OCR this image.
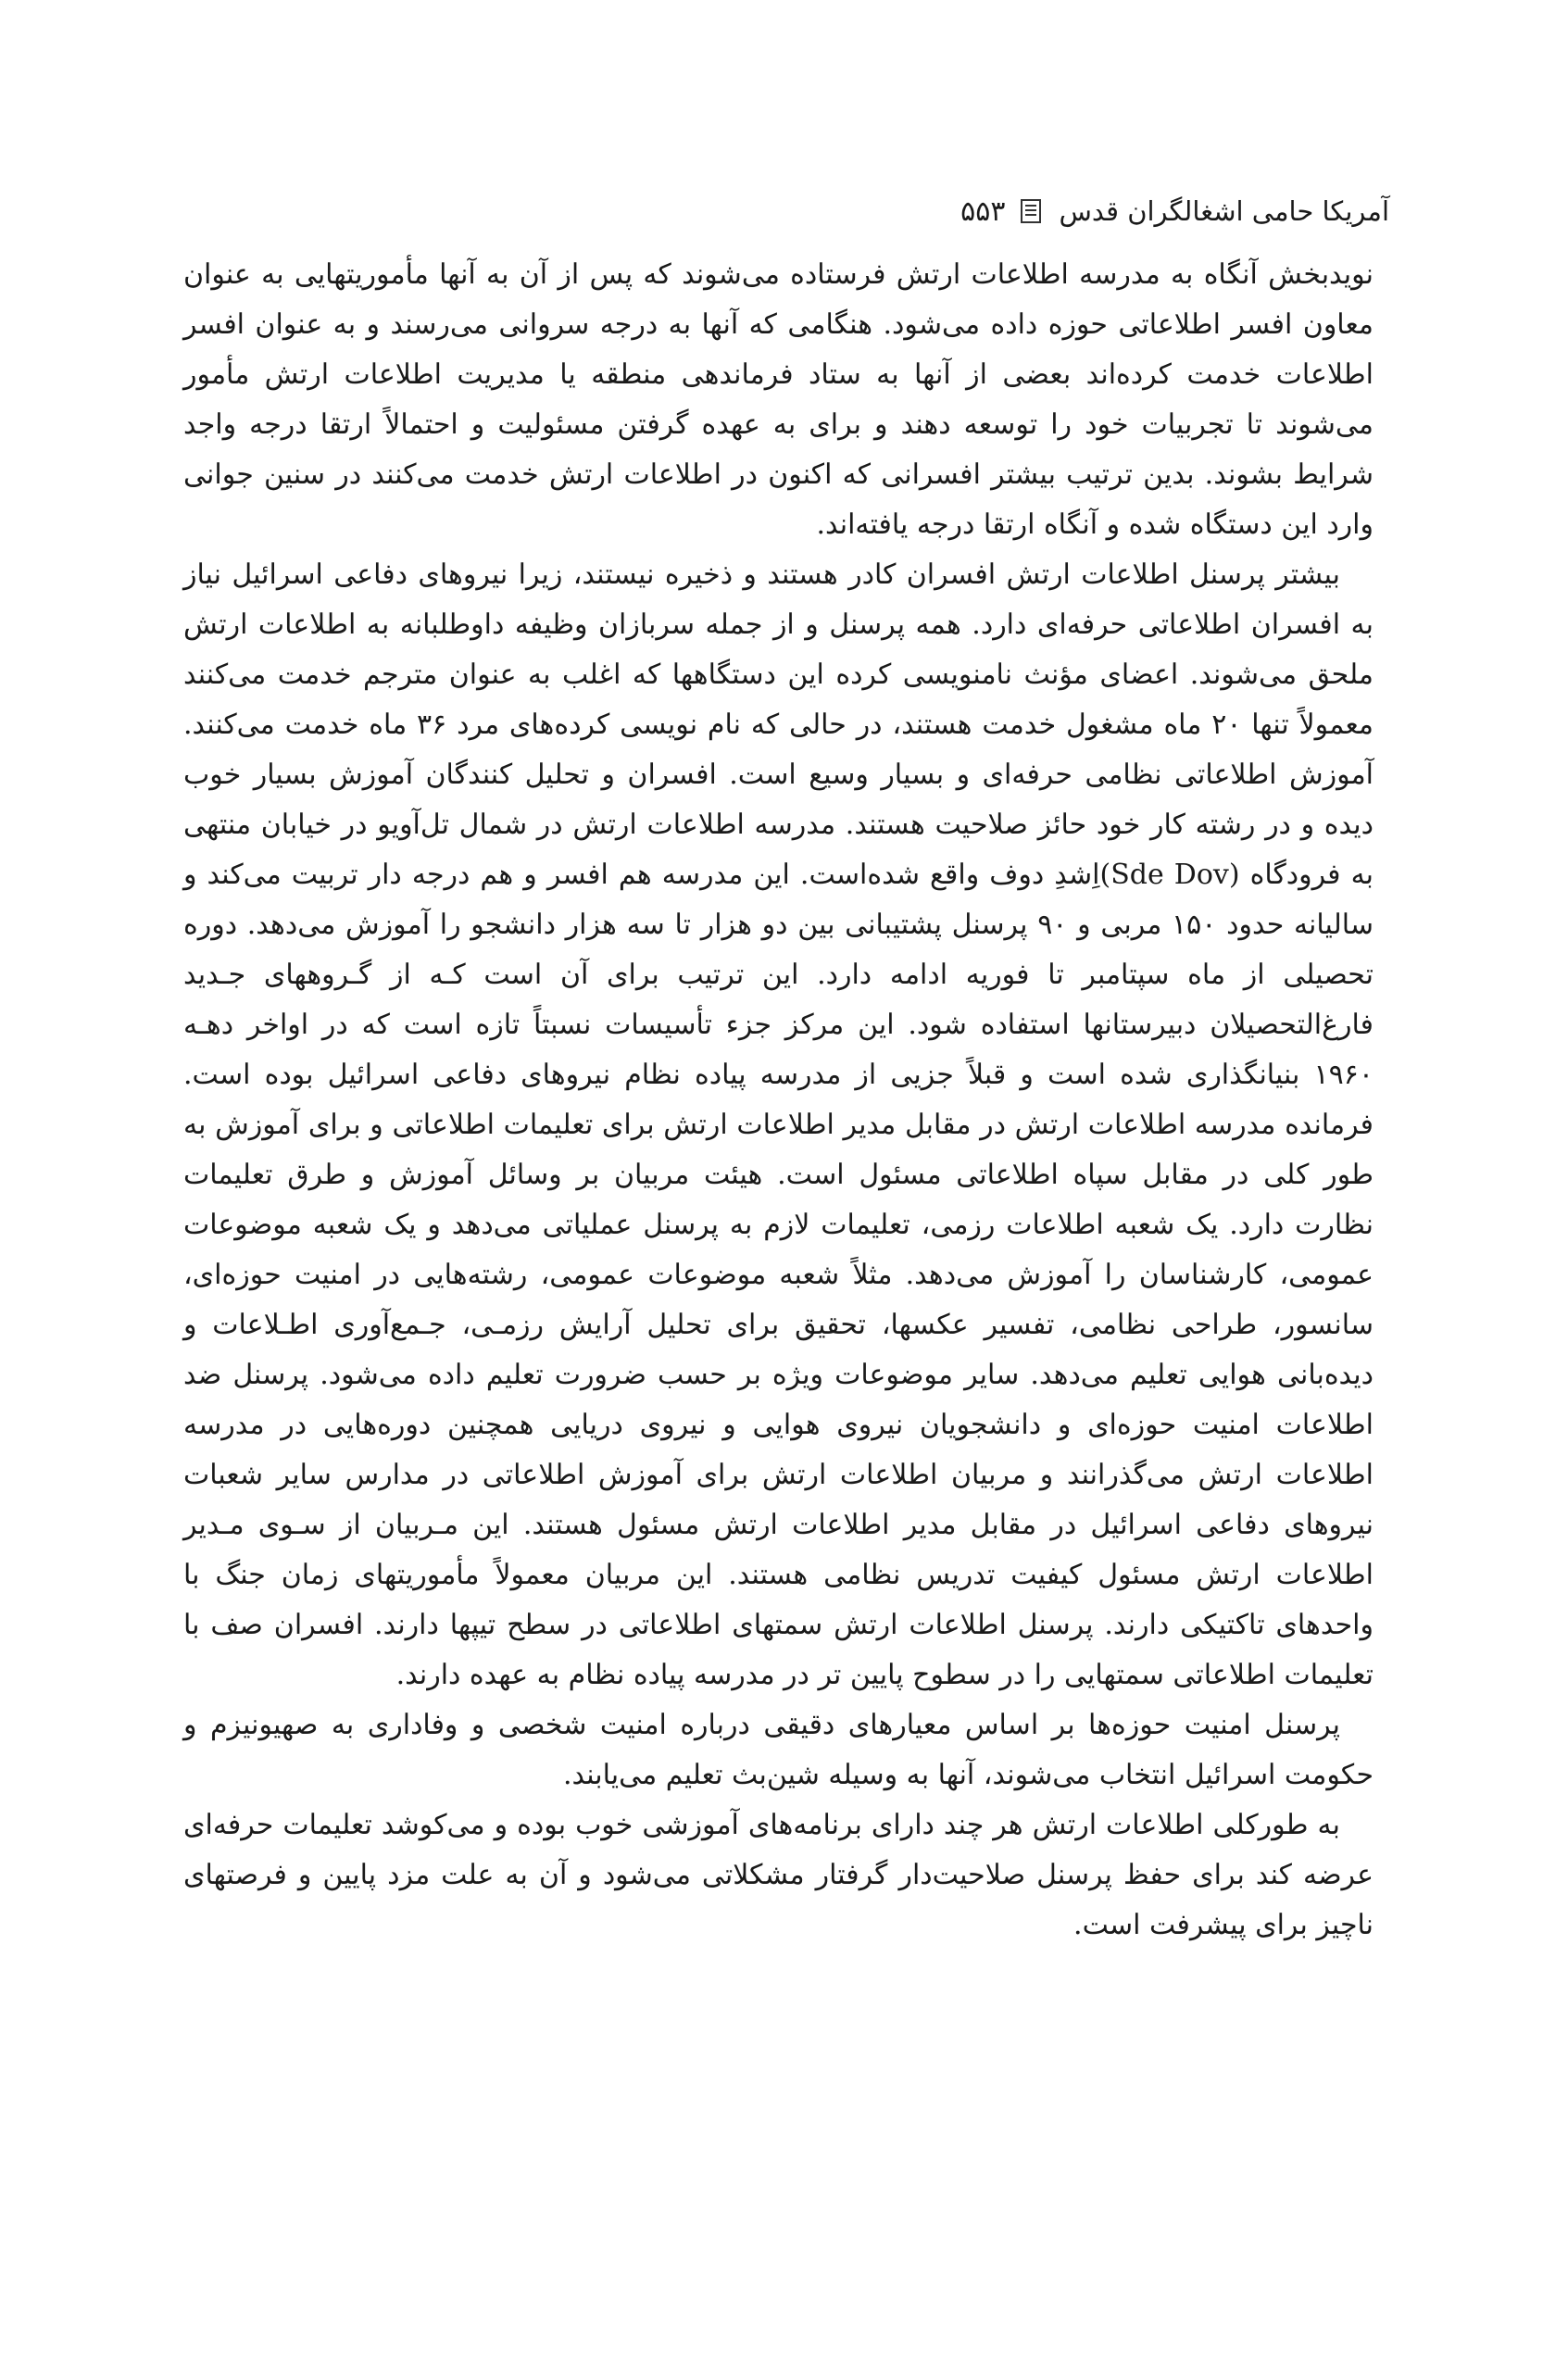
آمریکا حامی اشغالگران قدس
۵۵۳

نویدبخش آنگاه به مدرسه اطلاعات ارتش فرستاده می‌شوند که پس از آن به آنها مأموریتهایی به عنوان معاون افسر اطلاعاتی حوزه داده می‌شود. هنگامی که آنها به درجه سروانی می‌رسند و به عنوان افسر اطلاعات خدمت کرده‌اند بعضی از آنها به ستاد فرماندهی منطقه یا مدیریت اطلاعات ارتش مأمور می‌شوند تا تجربیات خود را توسعه دهند و برای به عهده گرفتن مسئولیت و احتمالاً ارتقا درجه واجد شرایط بشوند. بدین ترتیب بیشتر افسرانی که اکنون در اطلاعات ارتش خدمت می‌کنند در سنین جوانی وارد این دستگاه شده و آنگاه ارتقا درجه یافته‌اند.

بیشتر پرسنل اطلاعات ارتش افسران کادر هستند و ذخیره نیستند، زیرا نیروهای دفاعی اسرائیل نیاز به افسران اطلاعاتی حرفه‌ای دارد. همه پرسنل و از جمله سربازان وظیفه داوطلبانه به اطلاعات ارتش ملحق می‌شوند. اعضای مؤنث نامنویسی کرده این دستگاهها که اغلب به عنوان مترجم خدمت می‌کنند معمولاً تنها ۲۰ ماه مشغول خدمت هستند، در حالی که نام نویسی کرده‌های مرد ۳۶ ماه خدمت می‌کنند. آموزش اطلاعاتی نظامی حرفه‌ای و بسیار وسیع است. افسران و تحلیل کنندگان آموزش بسیار خوب دیده و در رشته کار خود حائز صلاحیت هستند. مدرسه اطلاعات ارتش در شمال تل‌آویو در خیابان منتهی به فرودگاه (Sde Dov)اِشدِ دوف واقع شده‌است. این مدرسه هم افسر و هم درجه دار تربیت می‌کند و سالیانه حدود ۱۵۰ مربی و ۹۰ پرسنل پشتیبانی بین دو هزار تا سه هزار دانشجو را آموزش می‌دهد. دوره تحصیلی از ماه سپتامبر تا فوریه ادامه دارد. این ترتیب برای آن است کـه از گـروههای جـدید فارغ‌التحصیلان دبیرستانها استفاده شود. این مرکز جزء تأسیسات نسبتاً تازه است که در اواخر دهـه ۱۹۶۰ بنیانگذاری شده است و قبلاً جزیی از مدرسه پیاده نظام نیروهای دفاعی اسرائیل بوده است. فرمانده مدرسه اطلاعات ارتش در مقابل مدیر اطلاعات ارتش برای تعلیمات اطلاعاتی و برای آموزش به طور کلی در مقابل سپاه اطلاعاتی مسئول است. هیئت مربیان بر وسائل آموزش و طرق تعلیمات نظارت دارد. یک شعبه اطلاعات رزمی، تعلیمات لازم به پرسنل عملیاتی می‌دهد و یک شعبه موضوعات عمومی، کارشناسان را آموزش می‌دهد. مثلاً شعبه موضوعات عمومی، رشته‌هایی در امنیت حوزه‌ای، سانسور، طراحی نظامی، تفسیر عکسها، تحقیق برای تحلیل آرایش رزمـی، جـمع‌آوری اطـلاعات و دیده‌بانی هوایی تعلیم می‌دهد. سایر موضوعات ویژه بر حسب ضرورت تعلیم داده می‌شود. پرسنل ضد اطلاعات امنیت حوزه‌ای و دانشجویان نیروی هوایی و نیروی دریایی همچنین دوره‌هایی در مدرسه اطلاعات ارتش می‌گذرانند و مربیان اطلاعات ارتش برای آموزش اطلاعاتی در مدارس سایر شعبات نیروهای دفاعی اسرائیل در مقابل مدیر اطلاعات ارتش مسئول هستند. این مـربیان از سـوی مـدیر اطلاعات ارتش مسئول کیفیت تدریس نظامی هستند. این مربیان معمولاً مأموریتهای زمان جنگ با واحدهای تاکتیکی دارند. پرسنل اطلاعات ارتش سمتهای اطلاعاتی در سطح تیپها دارند. افسران صف با تعلیمات اطلاعاتی سمتهایی را در سطوح پایین تر در مدرسه پیاده نظام به عهده دارند.

پرسنل امنیت حوزه‌ها بر اساس معیارهای دقیقی درباره امنیت شخصی و وفاداری به صهیونیزم و حکومت اسرائیل انتخاب می‌شوند، آنها به وسیله شین‌بث تعلیم می‌یابند.

به طورکلی اطلاعات ارتش هر چند دارای برنامه‌های آموزشی خوب بوده و می‌کوشد تعلیمات حرفه‌ای عرضه کند برای حفظ پرسنل صلاحیت‌دار گرفتار مشکلاتی می‌شود و آن به علت مزد پایین و فرصتهای ناچیز برای پیشرفت است.
